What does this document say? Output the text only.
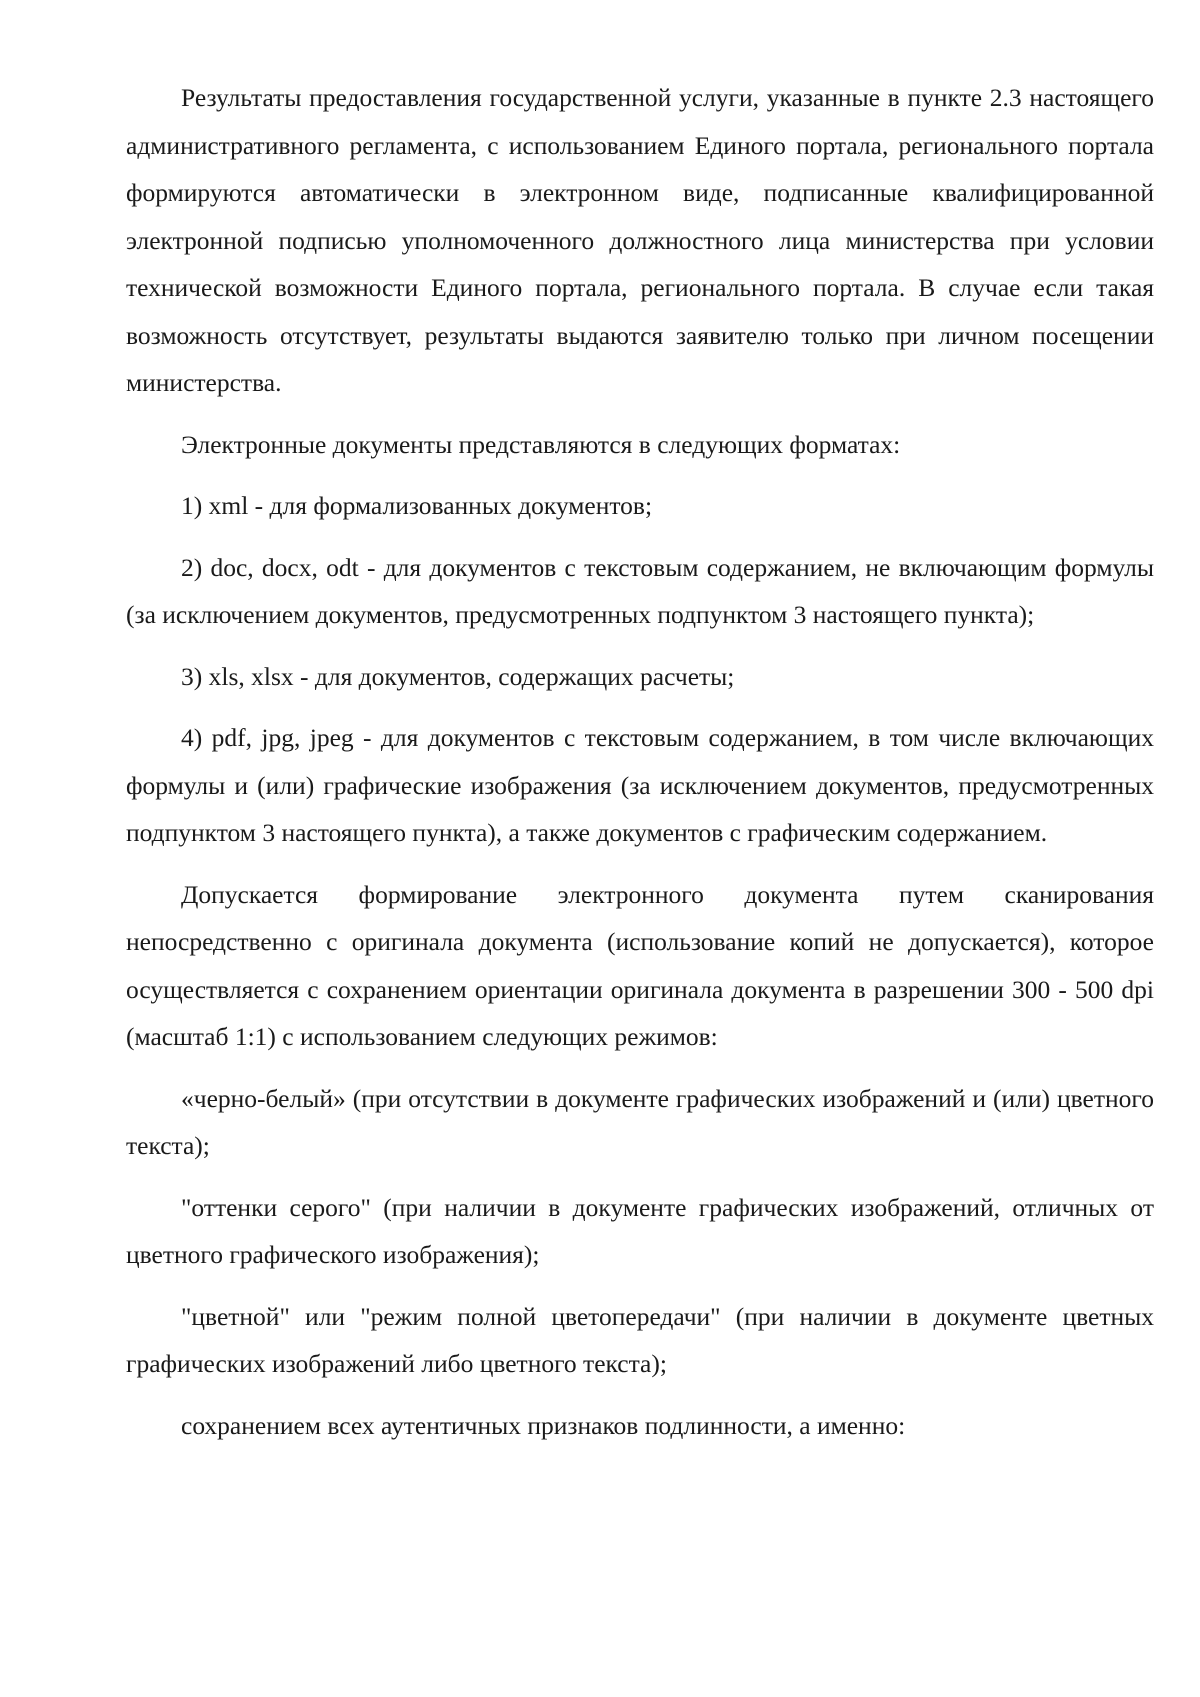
Результаты предоставления государственной услуги, указанные в пункте 2.3 настоящего административного регламента, с использованием Единого портала, регионального портала формируются автоматически в электронном виде, подписанные квалифицированной электронной подписью уполномоченного должностного лица министерства при условии технической возможности Единого портала, регионального портала. В случае если такая возможность отсутствует, результаты выдаются заявителю только при личном посещении министерства.

Электронные документы представляются в следующих форматах:

1) xml - для формализованных документов;

2) doc, docx, odt - для документов с текстовым содержанием, не включающим формулы (за исключением документов, предусмотренных подпунктом 3 настоящего пункта);

3) xls, xlsx - для документов, содержащих расчеты;

4) pdf, jpg, jpeg - для документов с текстовым содержанием, в том числе включающих формулы и (или) графические изображения (за исключением документов, предусмотренных подпунктом 3 настоящего пункта), а также документов с графическим содержанием.

Допускается формирование электронного документа путем сканирования непосредственно с оригинала документа (использование копий не допускается), которое осуществляется с сохранением ориентации оригинала документа в разрешении 300 - 500 dpi (масштаб 1:1) с использованием следующих режимов:

«черно-белый» (при отсутствии в документе графических изображений и (или) цветного текста);

"оттенки серого" (при наличии в документе графических изображений, отличных от цветного графического изображения);

"цветной" или "режим полной цветопередачи" (при наличии в документе цветных графических изображений либо цветного текста);

сохранением всех аутентичных признаков подлинности, а именно:
